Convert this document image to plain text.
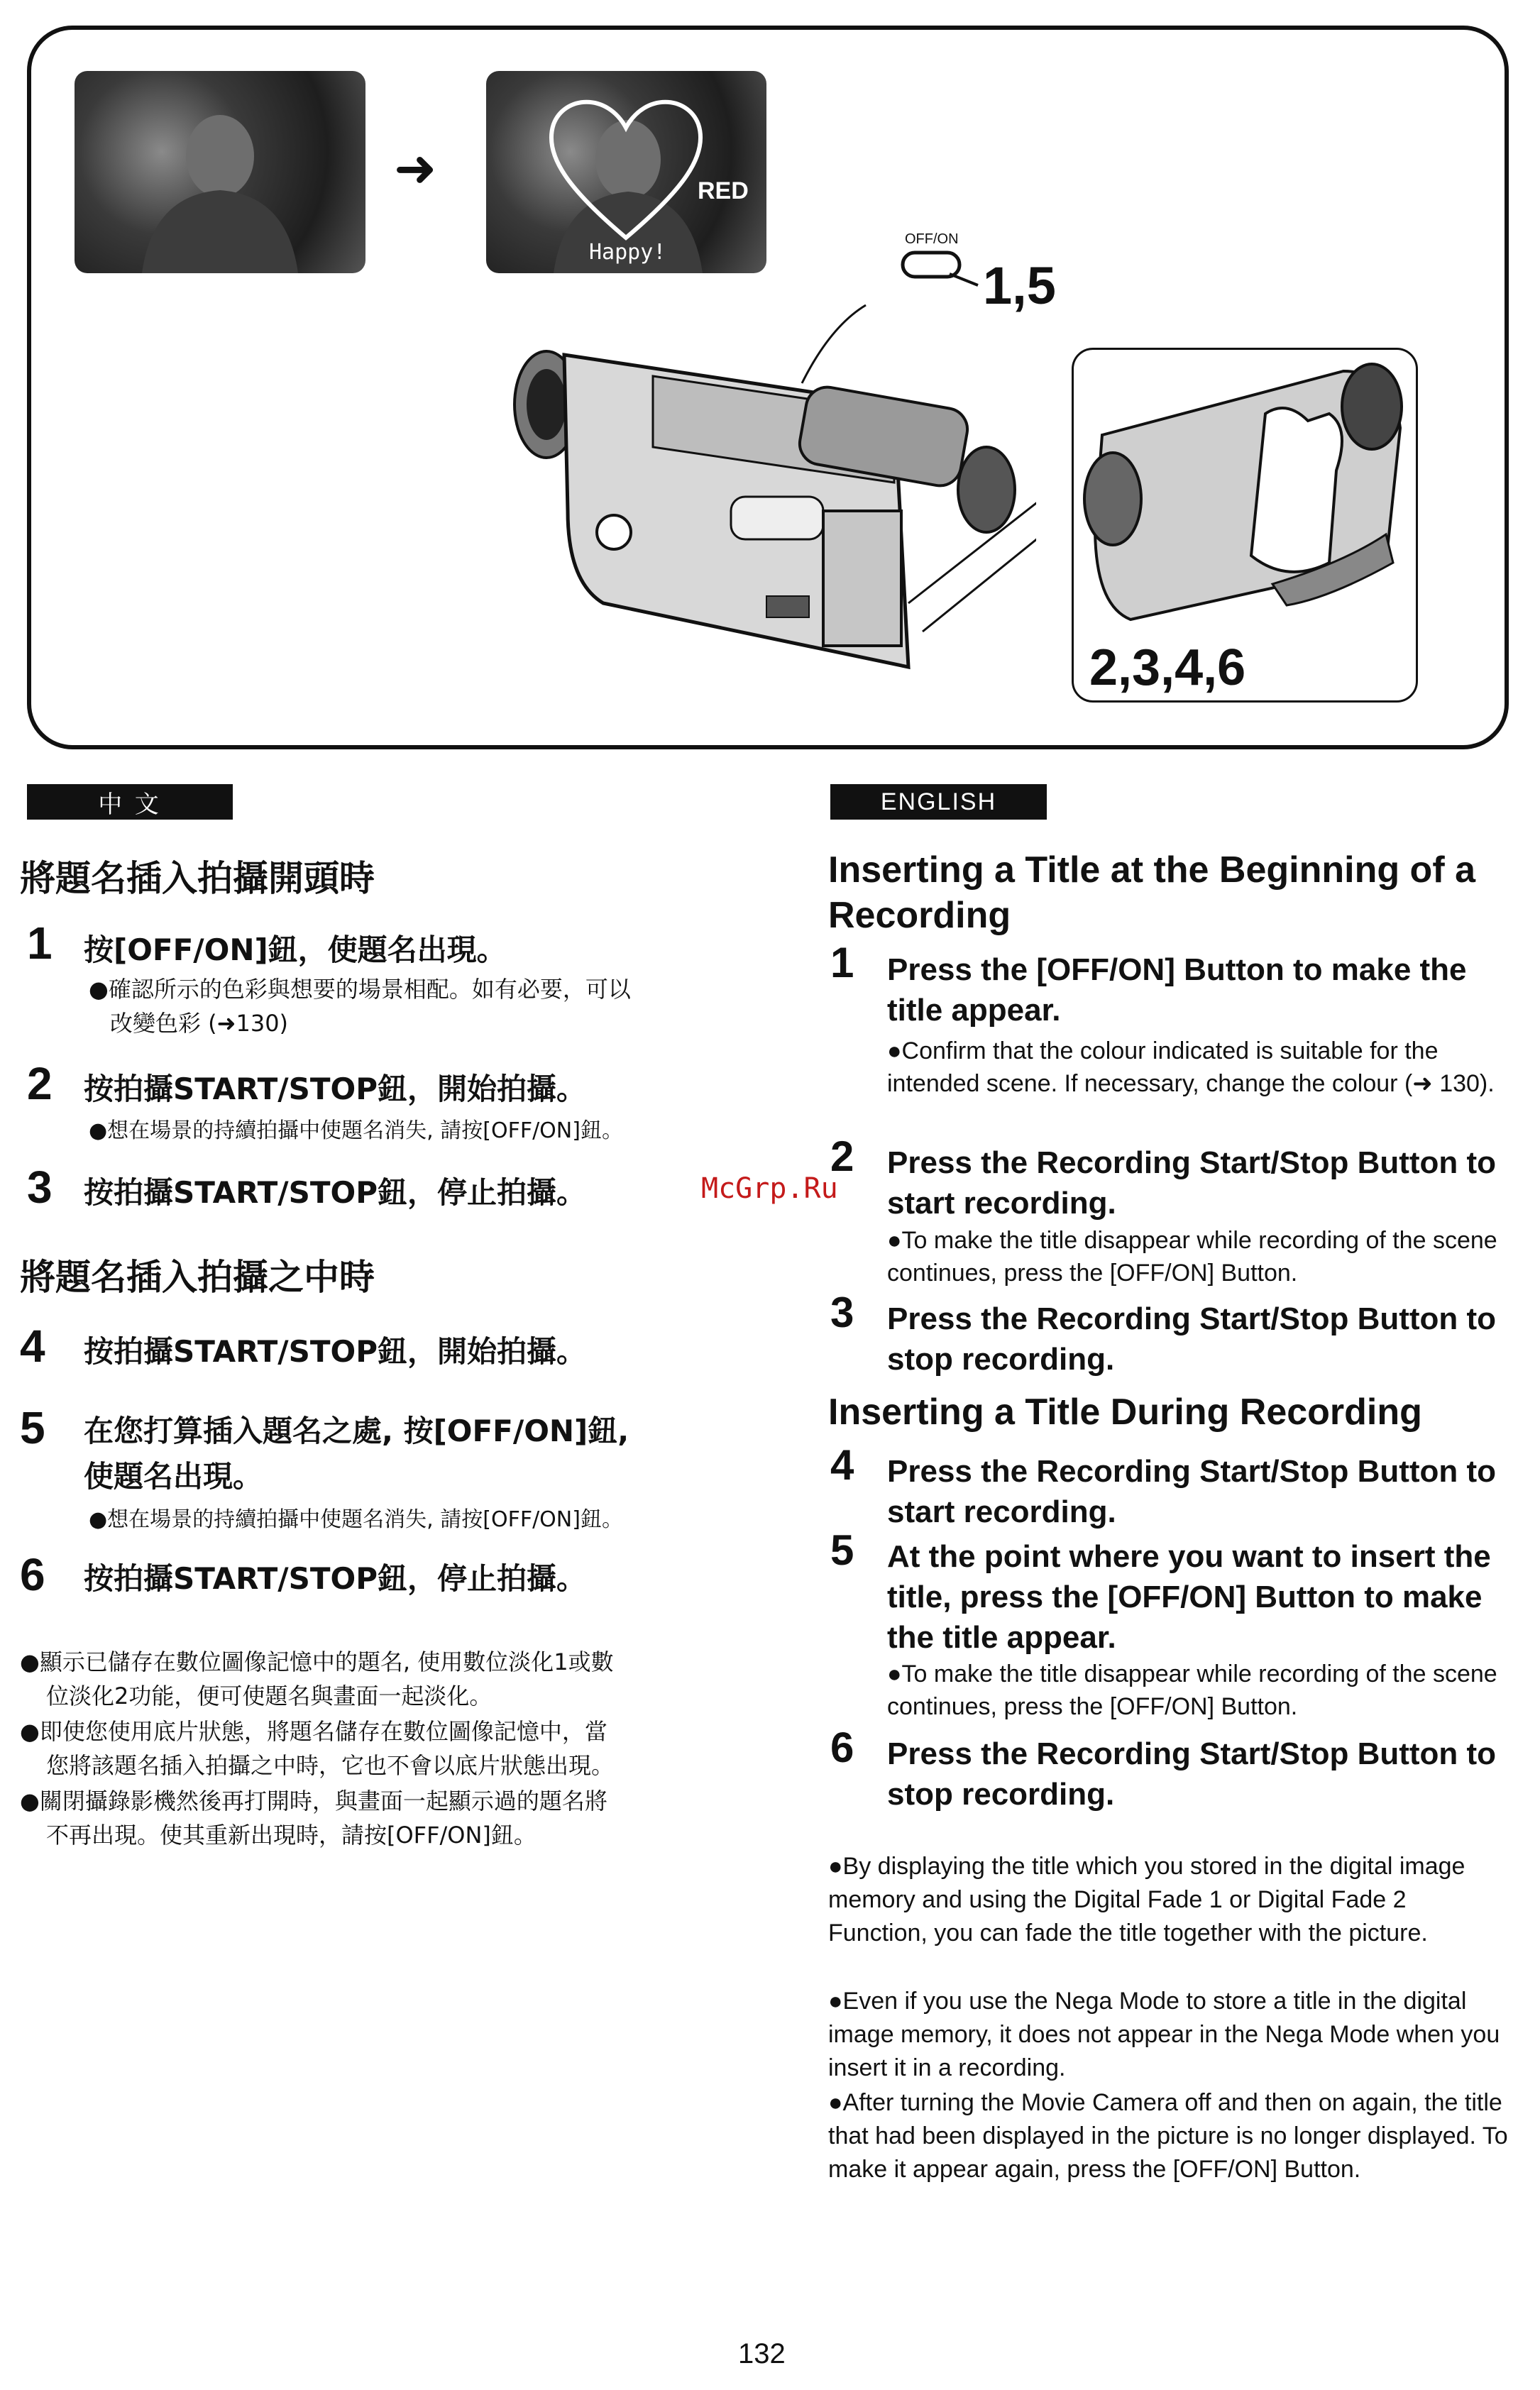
➜	RED
Happy!
OFF/ON
1,5
2,3,4,6
中 文
將題名插入拍攝開頭時
1 按[OFF/ON]鈕，使題名出現。
●確認所示的色彩與想要的場景相配。如有必要，可以
改變色彩 (➜130)
2 按拍攝START/STOP鈕，開始拍攝。
●想在場景的持續拍攝中使題名消失, 請按[OFF/ON]鈕。
3 按拍攝START/STOP鈕，停止拍攝。
將題名插入拍攝之中時
4 按拍攝START/STOP鈕，開始拍攝。
5 在您打算插入題名之處, 按[OFF/ON]鈕,
使題名出現。
●想在場景的持續拍攝中使題名消失, 請按[OFF/ON]鈕。
6 按拍攝START/STOP鈕，停止拍攝。
●顯示已儲存在數位圖像記憶中的題名, 使用數位淡化1或數
位淡化2功能，便可使題名與畫面一起淡化。
●即使您使用底片狀態，將題名儲存在數位圖像記憶中，當
您將該題名插入拍攝之中時，它也不會以底片狀態出現。
●關閉攝錄影機然後再打開時，與畫面一起顯示過的題名將
不再出現。使其重新出現時，請按[OFF/ON]鈕。
McGrp.Ru
ENGLISH
Inserting a Title at the Beginning of a Recording
1 Press the [OFF/ON] Button to make the title appear.
●Confirm that the colour indicated is suitable for the intended scene. If necessary, change the colour (➜ 130).
2 Press the Recording Start/Stop Button to start recording.
●To make the title disappear while recording of the scene continues, press the [OFF/ON] Button.
3 Press the Recording Start/Stop Button to stop recording.
Inserting a Title During Recording
4 Press the Recording Start/Stop Button to start recording.
5 At the point where you want to insert the title, press the [OFF/ON] Button to make the title appear.
●To make the title disappear while recording of the scene continues, press the [OFF/ON] Button.
6 Press the Recording Start/Stop Button to stop recording.
●By displaying the title which you stored in the digital image memory and using the Digital Fade 1 or Digital Fade 2 Function, you can fade the title together with the picture.
●Even if you use the Nega Mode to store a title in the digital image memory, it does not appear in the Nega Mode when you insert it in a recording.
●After turning the Movie Camera off and then on again, the title that had been displayed in the picture is no longer displayed. To make it appear again, press the [OFF/ON] Button.
132
